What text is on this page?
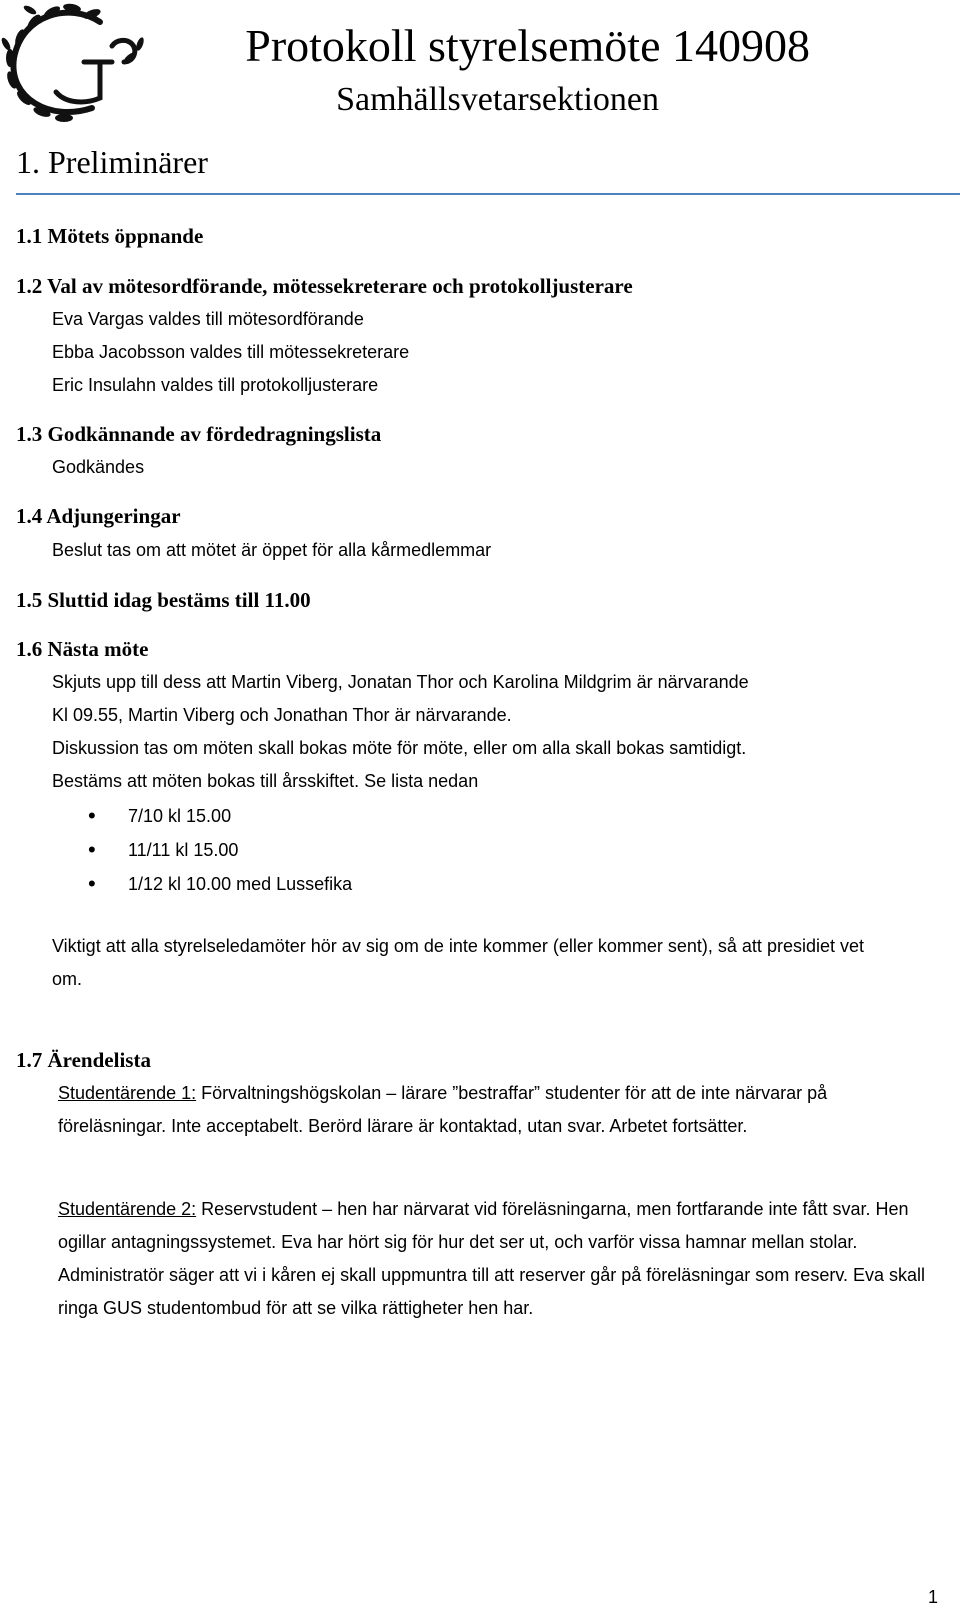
Protokoll styrelsemöte 140908
Samhällsvetarsektionen
1. Preliminärer
1.1 Mötets öppnande
1.2 Val av mötesordförande, mötessekreterare och protokolljusterare
Eva Vargas valdes till mötesordförande
Ebba Jacobsson valdes till mötessekreterare
Eric Insulahn valdes till protokolljusterare
1.3 Godkännande av fördedragningslista
Godkändes
1.4 Adjungeringar
Beslut tas om att mötet är öppet för alla kårmedlemmar
1.5 Sluttid idag bestäms till 11.00
1.6 Nästa möte
Skjuts upp till dess att Martin Viberg, Jonatan Thor och Karolina Mildgrim är närvarande
Kl 09.55, Martin Viberg och Jonathan Thor är närvarande.
Diskussion tas om möten skall bokas möte för möte, eller om alla skall bokas samtidigt.
Bestäms att möten bokas till årsskiftet. Se lista nedan
• 7/10 kl 15.00
• 11/11 kl 15.00
• 1/12 kl 10.00 med Lussefika
Viktigt att alla styrelseledamöter hör av sig om de inte kommer (eller kommer sent), så att presidiet vet om.
1.7 Ärendelista
Studentärende 1: Förvaltningshögskolan – lärare ”bestraffar” studenter för att de inte närvarar på föreläsningar. Inte acceptabelt. Berörd lärare är kontaktad, utan svar. Arbetet fortsätter.
Studentärende 2: Reservstudent – hen har närvarat vid föreläsningarna, men fortfarande inte fått svar. Hen ogillar antagningssystemet. Eva har hört sig för hur det ser ut, och varför vissa hamnar mellan stolar. Administratör säger att vi i kåren ej skall uppmuntra till att reserver går på föreläsningar som reserv. Eva skall ringa GUS studentombud för att se vilka rättigheter hen har.
1
